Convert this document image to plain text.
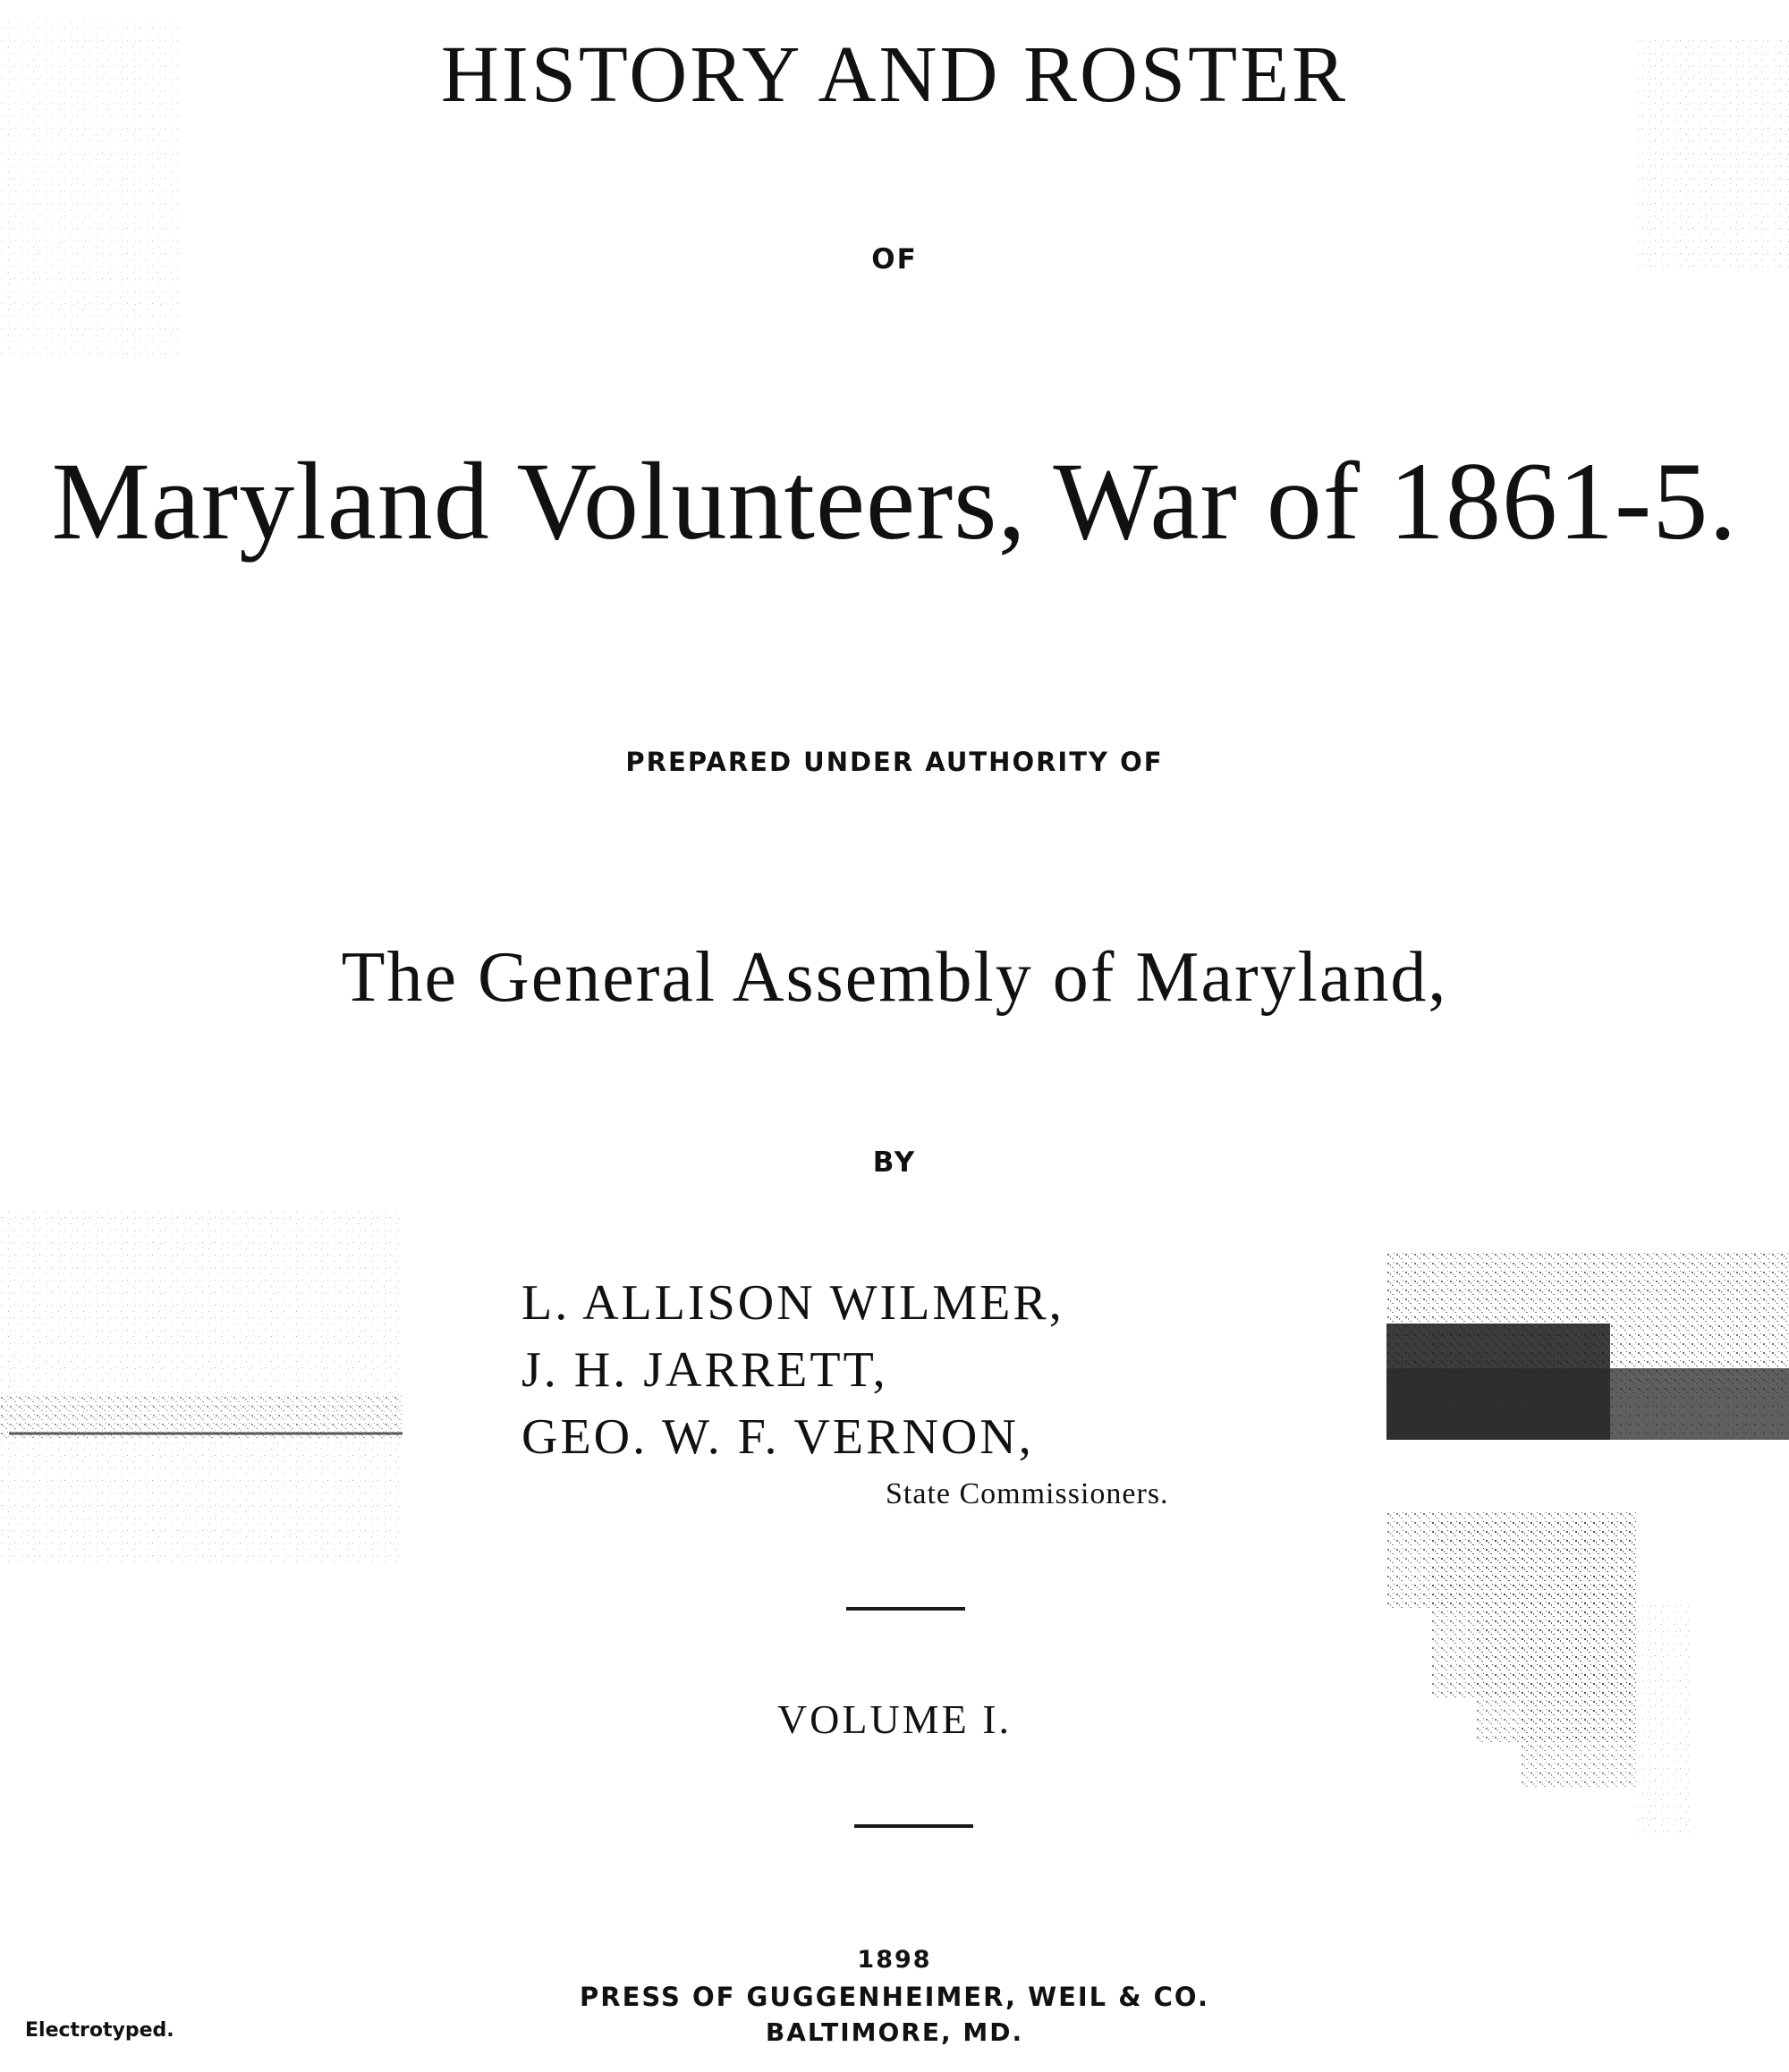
HISTORY AND ROSTER
OF
Maryland Volunteers, War of 1861-5.
PREPARED UNDER AUTHORITY OF
The General Assembly of Maryland,
BY
L. ALLISON WILMER,
J. H. JARRETT,
GEO. W. F. VERNON,
State Commissioners.
VOLUME I.
1898
PRESS OF GUGGENHEIMER, WEIL & CO.
BALTIMORE, MD.
Electrotyped.
